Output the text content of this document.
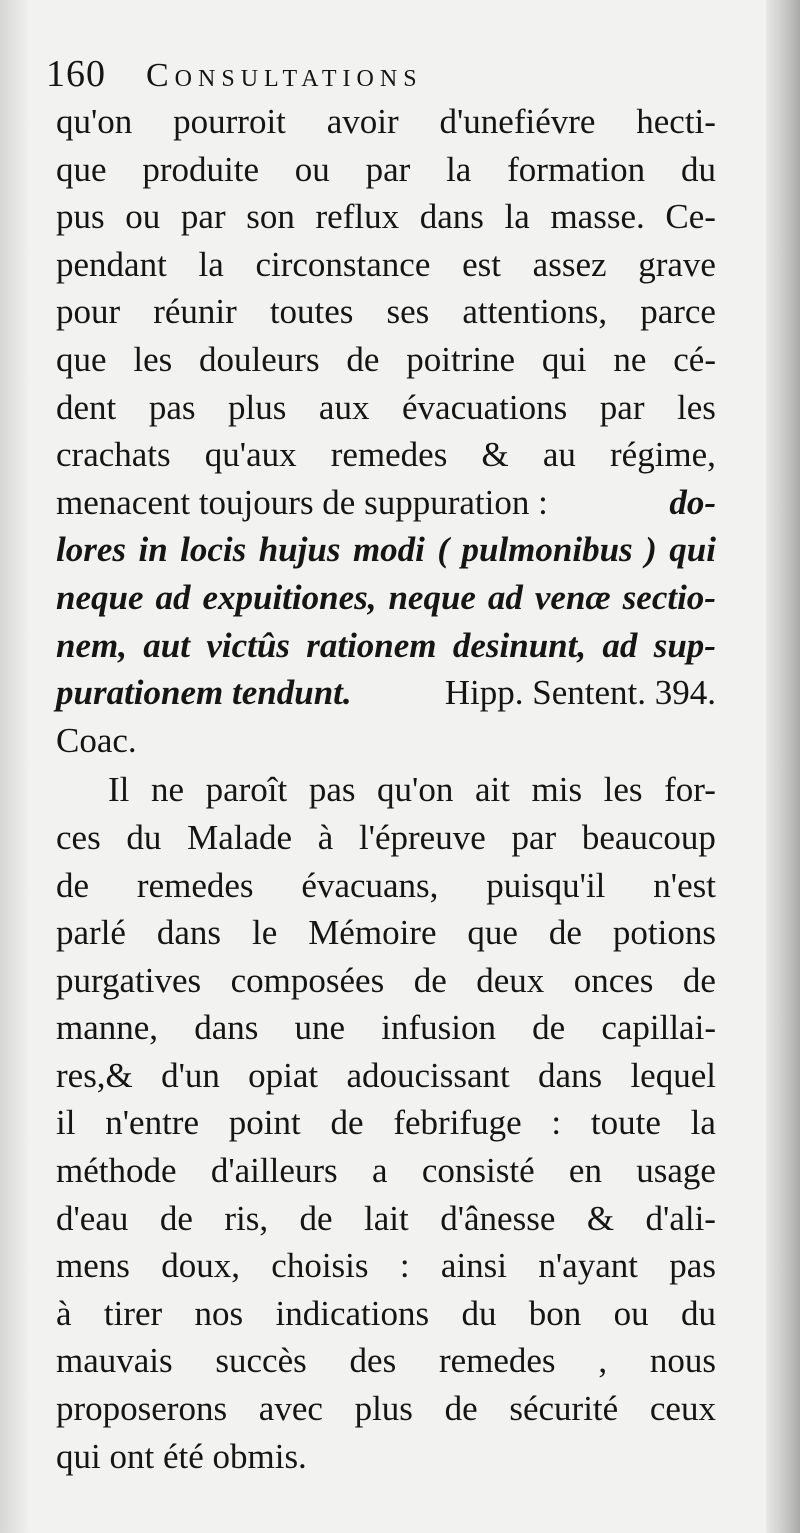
160 Consultations
qu'on pourroit avoir d'unefiévre hecti-
que produite ou par la formation du
pus ou par son reflux dans la masse. Ce-
pendant la circonstance est assez grave
pour réunir toutes ses attentions, parce
que les douleurs de poitrine qui ne cé-
dent pas plus aux évacuations par les
crachats qu'aux remedes & au régime,
menacent toujours de suppuration :	do-
lores in locis hujus modi ( pulmonibus ) qui
neque ad expuitiones, neque ad venæ sectio-
nem, aut victûs rationem desinunt, ad sup-
purationem tendunt.	Hipp. Sentent. 394.
Coac.
Il ne paroît pas qu'on ait mis les for-
ces du Malade à l'épreuve par beaucoup
de remedes évacuans, puisqu'il n'est
parlé dans le Mémoire que de potions
purgatives composées de deux onces de
manne, dans une infusion de capillai-
res,& d'un opiat adoucissant dans lequel
il n'entre point de febrifuge : toute la
méthode d'ailleurs a consisté en usage
d'eau de ris, de lait d'ânesse & d'ali-
mens doux, choisis : ainsi n'ayant pas
à tirer nos indications du bon ou du
mauvais succès des remedes , nous
proposerons avec plus de sécurité ceux
qui ont été obmis.
